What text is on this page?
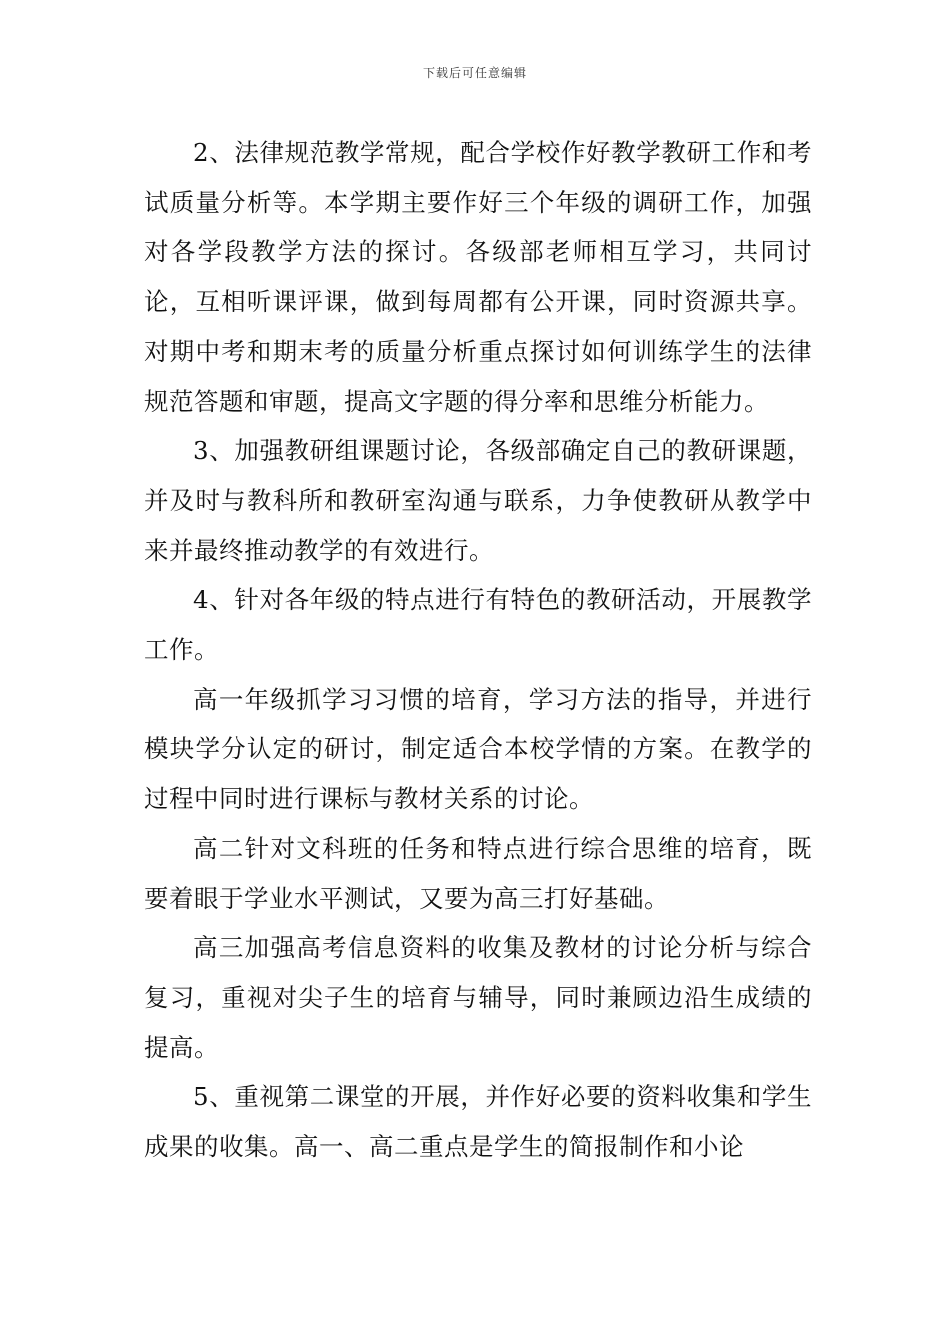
下载后可任意编辑

2、法律规范教学常规，配合学校作好教学教研工作和考试质量分析等。本学期主要作好三个年级的调研工作，加强对各学段教学方法的探讨。各级部老师相互学习，共同讨论，互相听课评课，做到每周都有公开课，同时资源共享。对期中考和期末考的质量分析重点探讨如何训练学生的法律规范答题和审题，提高文字题的得分率和思维分析能力。

3、加强教研组课题讨论，各级部确定自己的教研课题，并及时与教科所和教研室沟通与联系，力争使教研从教学中来并最终推动教学的有效进行。

4、针对各年级的特点进行有特色的教研活动，开展教学工作。

高一年级抓学习习惯的培育，学习方法的指导，并进行模块学分认定的研讨，制定适合本校学情的方案。在教学的过程中同时进行课标与教材关系的讨论。

高二针对文科班的任务和特点进行综合思维的培育，既要着眼于学业水平测试，又要为高三打好基础。

高三加强高考信息资料的收集及教材的讨论分析与综合复习，重视对尖子生的培育与辅导，同时兼顾边沿生成绩的提高。

5、重视第二课堂的开展，并作好必要的资料收集和学生成果的收集。高一、高二重点是学生的简报制作和小论
